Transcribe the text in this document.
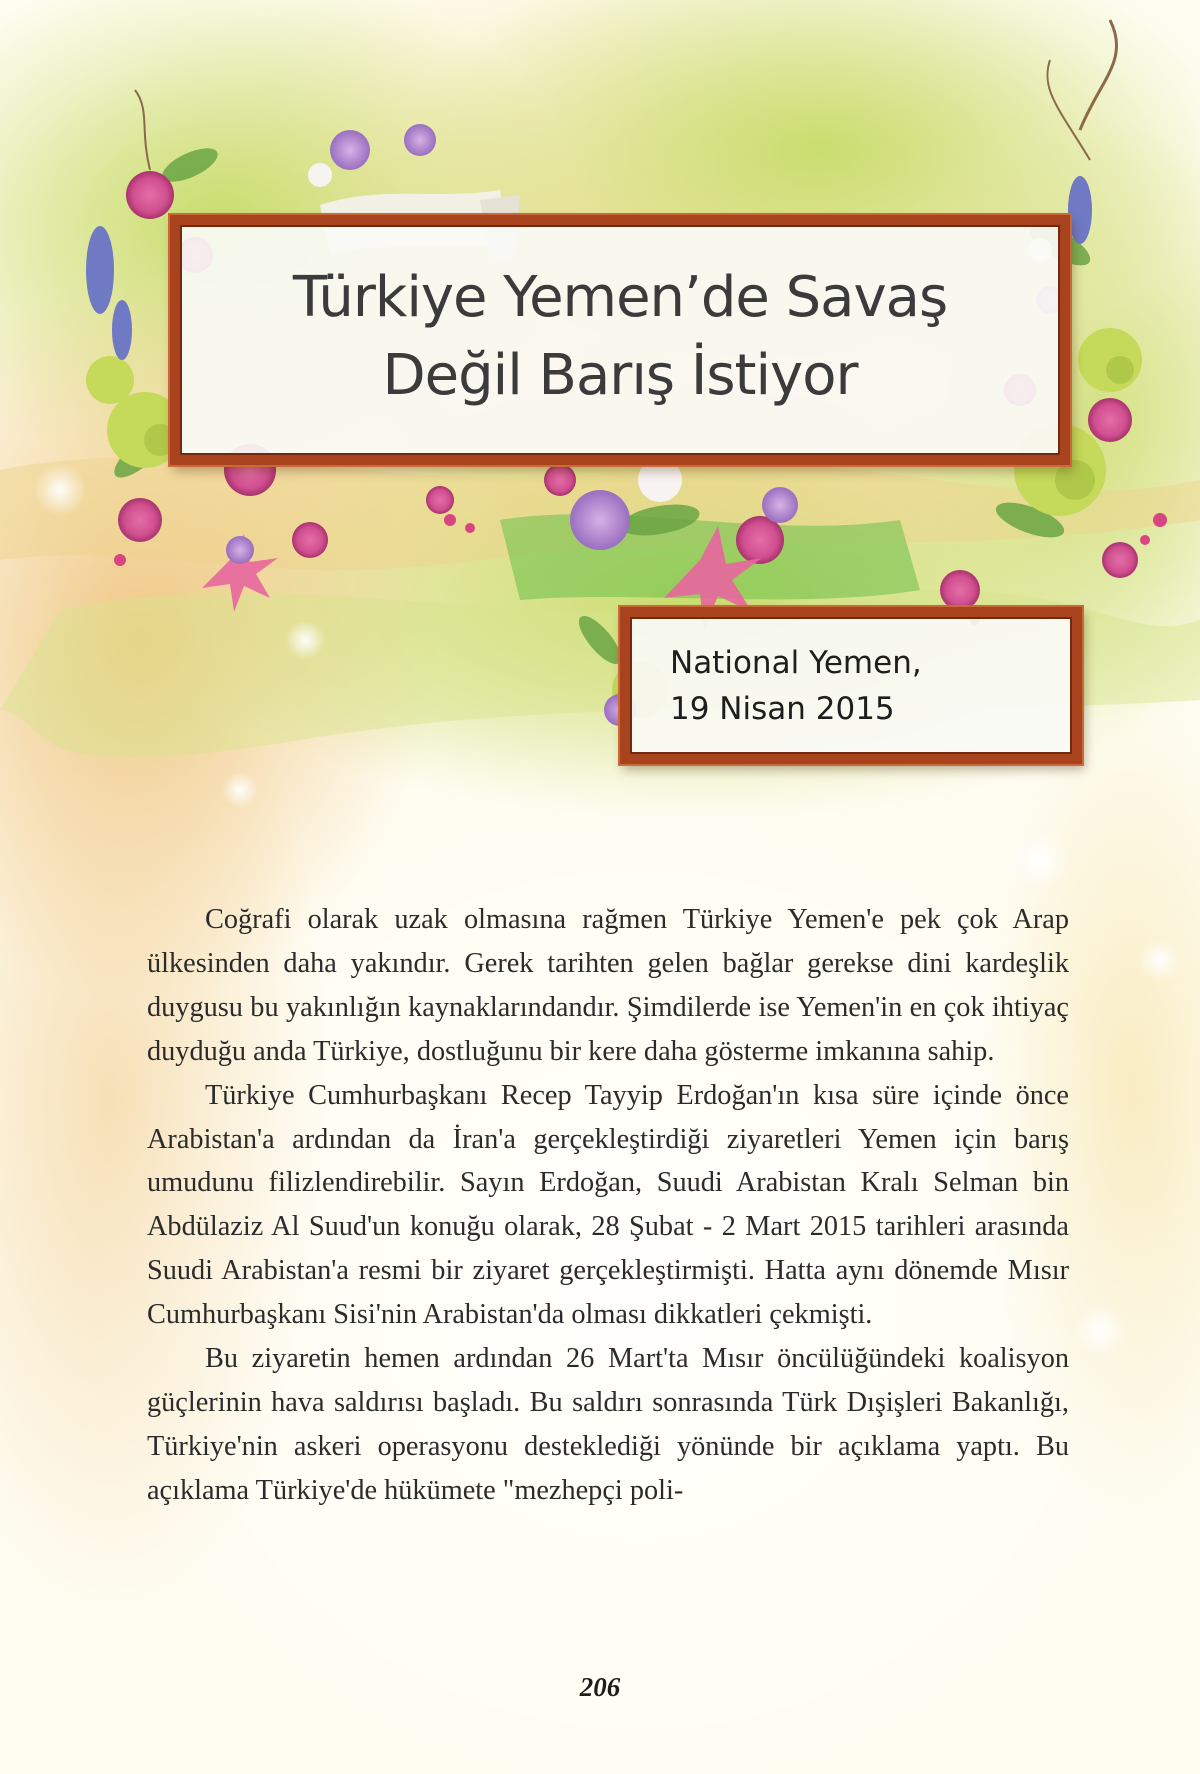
Türkiye Yemen’de Savaş
Değil Barış İstiyor
National Yemen,
19 Nisan 2015

Coğrafi olarak uzak olmasına rağmen Türkiye Yemen'e pek çok Arap ülkesinden daha yakındır. Gerek tarihten gelen bağlar gerekse dini kardeşlik duygusu bu yakınlığın kaynaklarındandır. Şimdilerde ise Yemen'in en çok ihtiyaç duyduğu anda Türkiye, dostluğunu bir kere daha gösterme imkanına sahip.

Türkiye Cumhurbaşkanı Recep Tayyip Erdoğan'ın kısa süre içinde önce Arabistan'a ardından da İran'a gerçekleştirdiği ziyaretleri Yemen için barış umudunu filizlendirebilir. Sayın Erdoğan, Suudi Arabistan Kralı Selman bin Abdülaziz Al Suud'un konuğu olarak, 28 Şubat - 2 Mart 2015 tarihleri arasında Suudi Arabistan'a resmi bir ziyaret gerçekleştirmişti. Hatta aynı dönemde Mısır Cumhurbaşkanı Sisi'nin Arabistan'da olması dikkatleri çekmişti.

Bu ziyaretin hemen ardından 26 Mart'ta Mısır öncülüğündeki koalisyon güçlerinin hava saldırısı başladı. Bu saldırı sonrasında Türk Dışişleri Bakanlığı, Türkiye'nin askeri operasyonu desteklediği yönünde bir açıklama yaptı. Bu açıklama Türkiye'de hükümete "mezhepçi poli-

206
